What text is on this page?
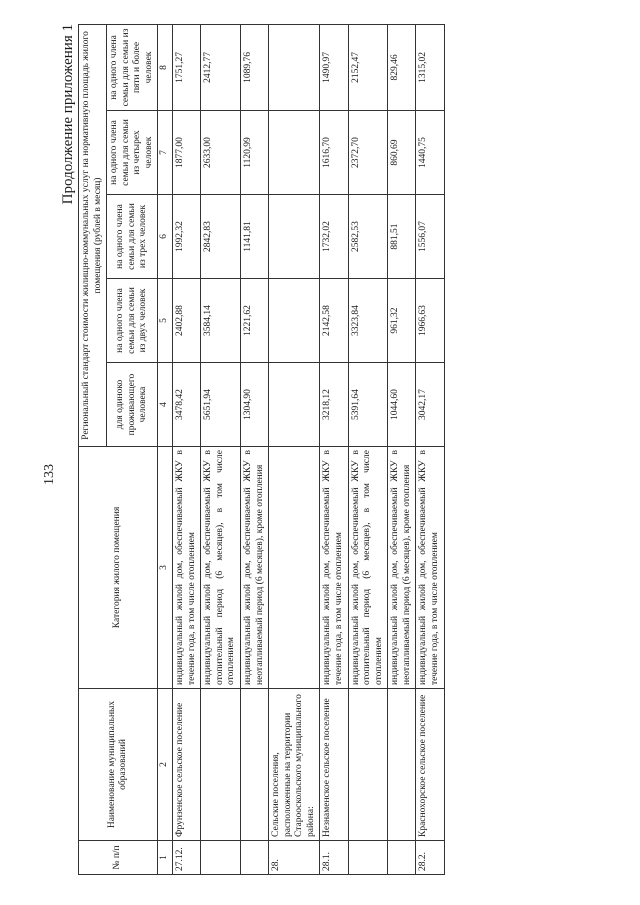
133
Продолжение приложения 1
№ п/п	Наименование муниципальных образований	Категория жилого помещения	Региональный стандарт стоимости жилищно-коммунальных услуг на нормативную площадь жилого помещения (рублей в месяц)				
			для одиноко проживающего человека	на одного члена семьи для семьи из двух человек	на одного члена семьи для семьи из трех человек	на одного члена семьи для семьи из четырех человек	на одного члена семьи для семьи из пяти и более человек
1	2	3	4	5	6	7	8
27.12.	Фрунзенское сельское поселение	индивидуальный жилой дом, обеспечиваемый ЖКУ в течение года, в том числе отоплением	3478,42	2402,88	1992,32	1877,00	1751,27
		индивидуальный жилой дом, обеспечиваемый ЖКУ в отопительный период (6 месяцев), в том числе отоплением	5651,94	3584,14	2842,83	2633,00	2412,77
		индивидуальный жилой дом, обеспечиваемый ЖКУ в неотапливаемый период (6 месяцев), кроме отопления	1304,90	1221,62	1141,81	1120,99	1089,76
28.	Сельские поселения, расположенные на территории Старооскольского муниципального района:						
28.1.	Незнаменское сельское поселение	индивидуальный жилой дом, обеспечиваемый ЖКУ в течение года, в том числе отоплением	3218,12	2142,58	1732,02	1616,70	1490,97
		индивидуальный жилой дом, обеспечиваемый ЖКУ в отопительный период (6 месяцев), в том числе отоплением	5391,64	3323,84	2582,53	2372,70	2152,47
		индивидуальный жилой дом, обеспечиваемый ЖКУ в неотапливаемый период (6 месяцев), кроме отопления	1044,60	961,32	881,51	860,69	829,46
28.2.	Краснохорское сельское поселение	индивидуальный жилой дом, обеспечиваемый ЖКУ в течение года, в том числе отоплением	3042,17	1966,63	1556,07	1440,75	1315,02
